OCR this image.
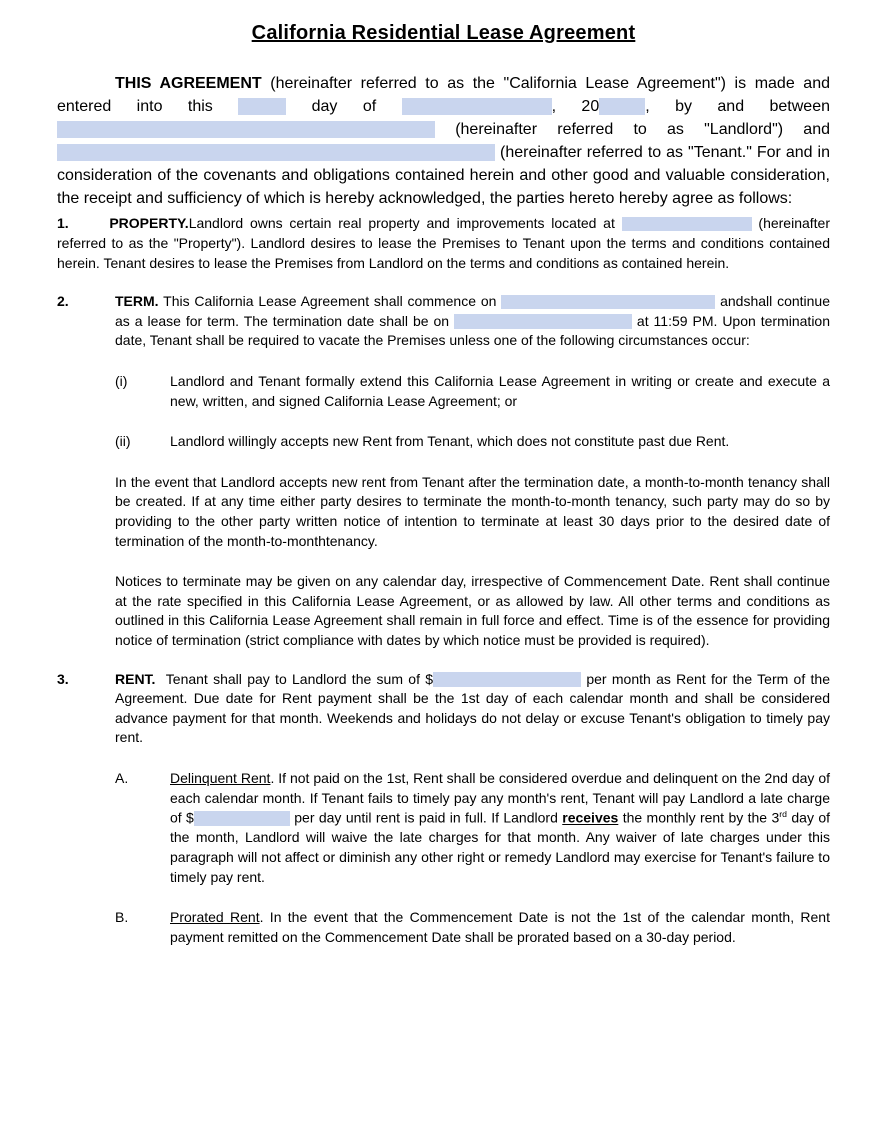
California Residential Lease Agreement

THIS AGREEMENT (hereinafter referred to as the "California Lease Agreement") is made and entered into this	day of	, 20	, by and between  (hereinafter referred to as "Landlord") and  (hereinafter referred to as "Tenant." For and in consideration of the covenants and obligations contained herein and other good and valuable consideration, the receipt and sufficiency of which is hereby acknowledged, the parties hereto hereby agree as follows:

1.	PROPERTY.Landlord owns certain real property and improvements located at	(hereinafter referred to as the "Property"). Landlord desires to lease the Premises to Tenant upon the terms and conditions contained herein. Tenant desires to lease the Premises from Landlord on the terms and conditions as contained herein.

2.	TERM. This California Lease Agreement shall commence on	andshall continue as a lease for term. The termination date shall be on	at 11:59 PM. Upon termination date, Tenant shall be required to vacate the Premises unless one of the following circumstances occur:
(i)	Landlord and Tenant formally extend this California Lease Agreement in writing or create and execute a new, written, and signed California Lease Agreement; or
(ii)	Landlord willingly accepts new Rent from Tenant, which does not constitute past due Rent.
In the event that Landlord accepts new rent from Tenant after the termination date, a month-to-month tenancy shall be created. If at any time either party desires to terminate the month-to-month tenancy, such party may do so by providing to the other party written notice of intention to terminate at least 30 days prior to the desired date of termination of the month-to-monthtenancy.
Notices to terminate may be given on any calendar day, irrespective of Commencement Date. Rent shall continue at the rate specified in this California Lease Agreement, or as allowed by law. All other terms and conditions as outlined in this California Lease Agreement shall remain in full force and effect. Time is of the essence for providing notice of termination (strict compliance with dates by which notice must be provided is required).
3.	RENT.  Tenant shall pay to Landlord the sum of $	per month as Rent for the Term of the Agreement. Due date for Rent payment shall be the 1st day of each calendar month and shall be considered advance payment for that month. Weekends and holidays do not delay or excuse Tenant's obligation to timely pay rent.
A.	Delinquent Rent. If not paid on the 1st, Rent shall be considered overdue and delinquent on the 2nd day of each calendar month. If Tenant fails to timely pay any month's rent, Tenant will pay Landlord a late charge of $	per day until rent is paid in full. If Landlord receives the monthly rent by the 3rd day of the month, Landlord will waive the late charges for that month. Any waiver of late charges under this paragraph will not affect or diminish any other right or remedy Landlord may exercise for Tenant's failure to timely pay rent.
B.	Prorated Rent. In the event that the Commencement Date is not the 1st of the calendar month, Rent payment remitted on the Commencement Date shall be prorated based on a 30-day period.
